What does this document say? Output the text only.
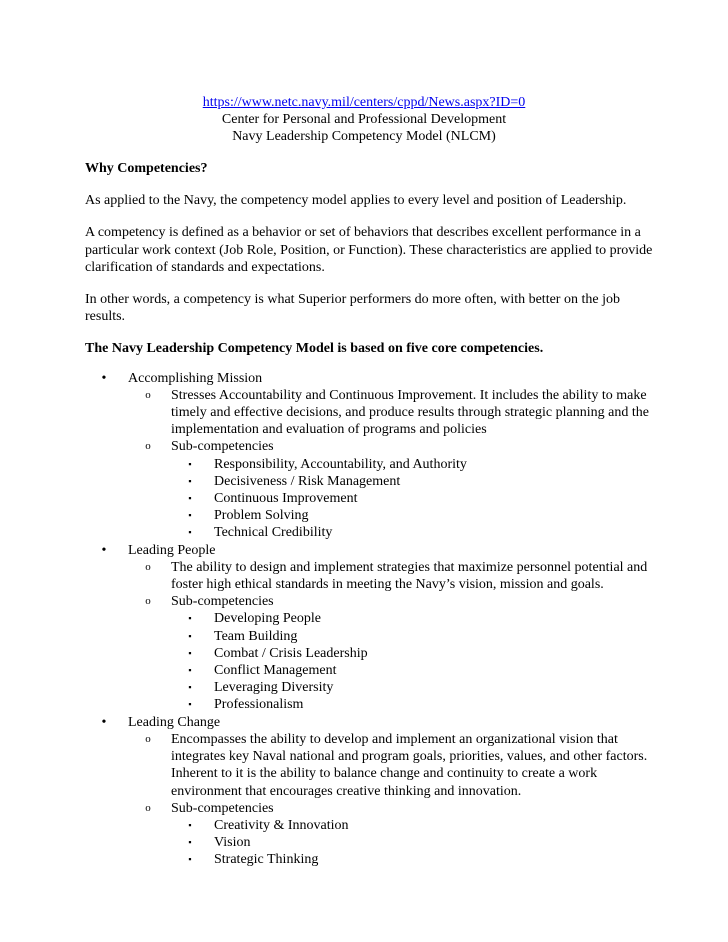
https://www.netc.navy.mil/centers/cppd/News.aspx?ID=0
Center for Personal and Professional Development
Navy Leadership Competency Model (NLCM)

Why Competencies?

As applied to the Navy, the competency model applies to every level and position of Leadership.

A competency is defined as a behavior or set of behaviors that describes excellent performance in a particular work context (Job Role, Position, or Function). These characteristics are applied to provide clarification of standards and expectations.

In other words, a competency is what Superior performers do more often, with better on the job results.

The Navy Leadership Competency Model is based on five core competencies.

• Accomplishing Mission
o Stresses Accountability and Continuous Improvement. It includes the ability to make timely and effective decisions, and produce results through strategic planning and the implementation and evaluation of programs and policies
o Sub-competencies
▪ Responsibility, Accountability, and Authority
▪ Decisiveness / Risk Management
▪ Continuous Improvement
▪ Problem Solving
▪ Technical Credibility
• Leading People
o The ability to design and implement strategies that maximize personnel potential and foster high ethical standards in meeting the Navy’s vision, mission and goals.
o Sub-competencies
▪ Developing People
▪ Team Building
▪ Combat / Crisis Leadership
▪ Conflict Management
▪ Leveraging Diversity
▪ Professionalism
• Leading Change
o Encompasses the ability to develop and implement an organizational vision that integrates key Naval national and program goals, priorities, values, and other factors. Inherent to it is the ability to balance change and continuity to create a work environment that encourages creative thinking and innovation.
o Sub-competencies
▪ Creativity & Innovation
▪ Vision
▪ Strategic Thinking
